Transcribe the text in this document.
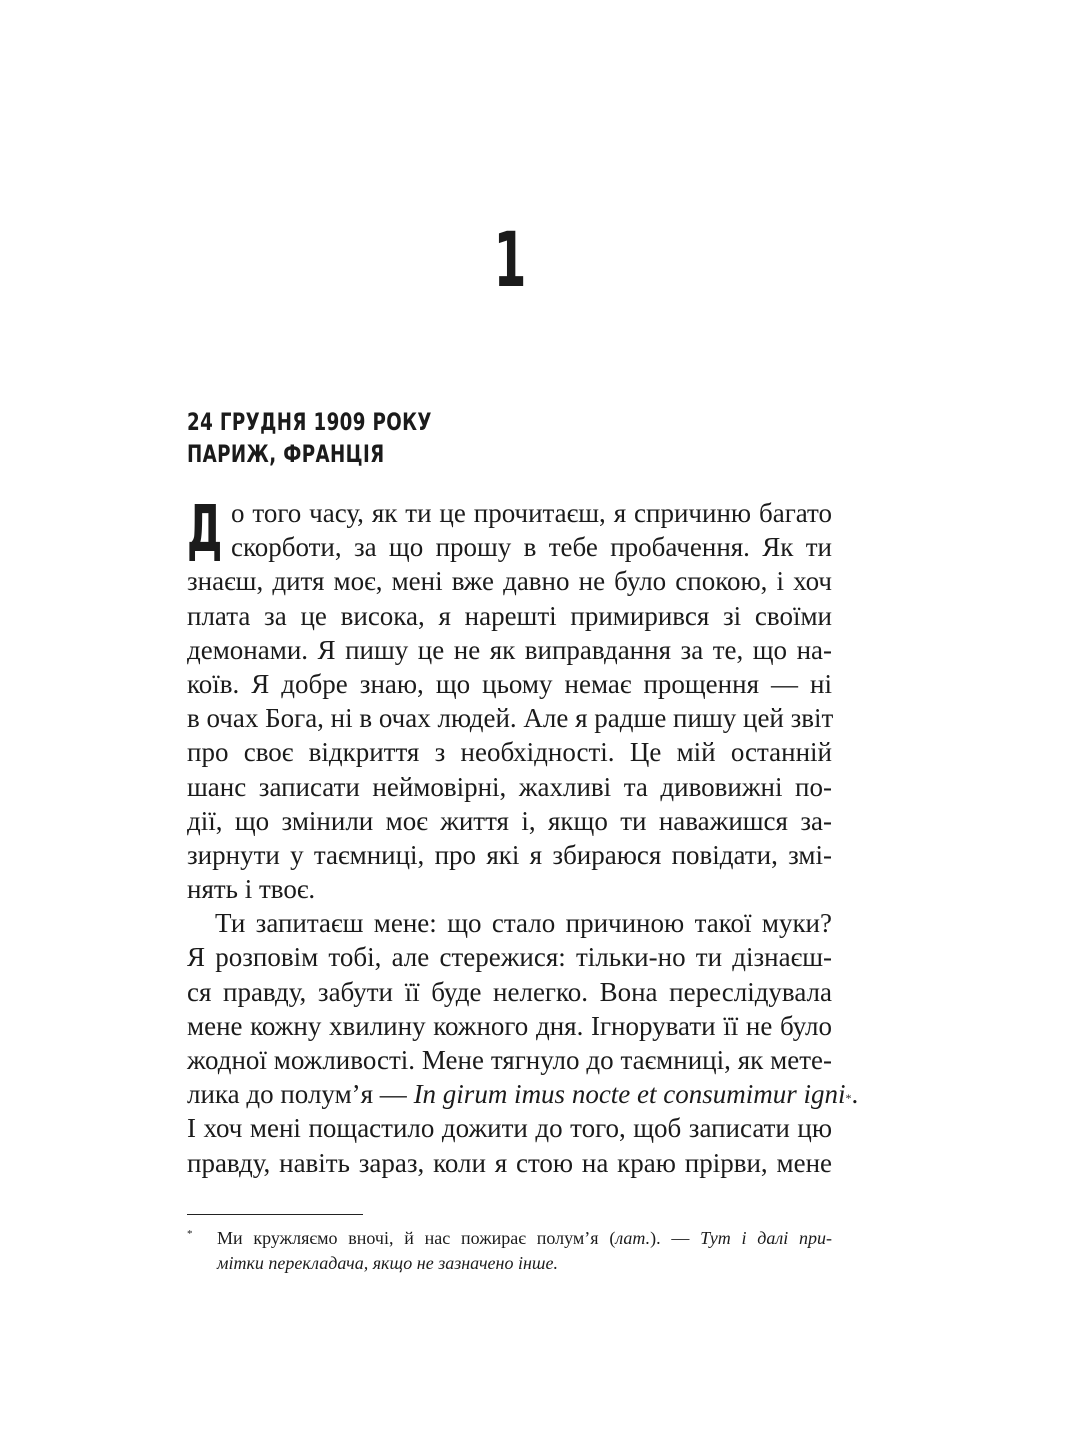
1
24 ГРУДНЯ 1909 РОКУ
ПАРИЖ, ФРАНЦІЯ
Д о того часу, як ти це прочитаєш, я спричиню багато
скорботи, за що прошу в тебе пробачення. Як ти
знаєш, дитя моє, мені вже давно не було спокою, і хоч
плата за це висока, я нарешті примирився зі своїми
демонами. Я пишу це не як виправдання за те, що на-
коїв. Я добре знаю, що цьому немає прощення — ні
в очах Бога, ні в очах людей. Але я радше пишу цей звіт
про своє відкриття з необхідності. Це мій останній
шанс записати неймовірні, жахливі та дивовижні по-
дії, що змінили моє життя і, якщо ти наважишся за-
зирнути у таємниці, про які я збираюся повідати, змі-
нять і твоє.
Ти запитаєш мене: що стало причиною такої муки?
Я розповім тобі, але стережися: тільки-но ти дізнаєш-
ся правду, забути її буде нелегко. Вона переслідувала
мене кожну хвилину кожного дня. Ігнорувати її не було
жодної можливості. Мене тягнуло до таємниці, як мете-
лика до полум’я — In girum imus nocte et consumimur igni*.
І хоч мені пощастило дожити до того, щоб записати цю
правду, навіть зараз, коли я стою на краю прірви, мене
* Ми кружляємо вночі, й нас пожирає полум’я (лат.). — Тут і далі при-
мітки перекладача, якщо не зазначено інше.
